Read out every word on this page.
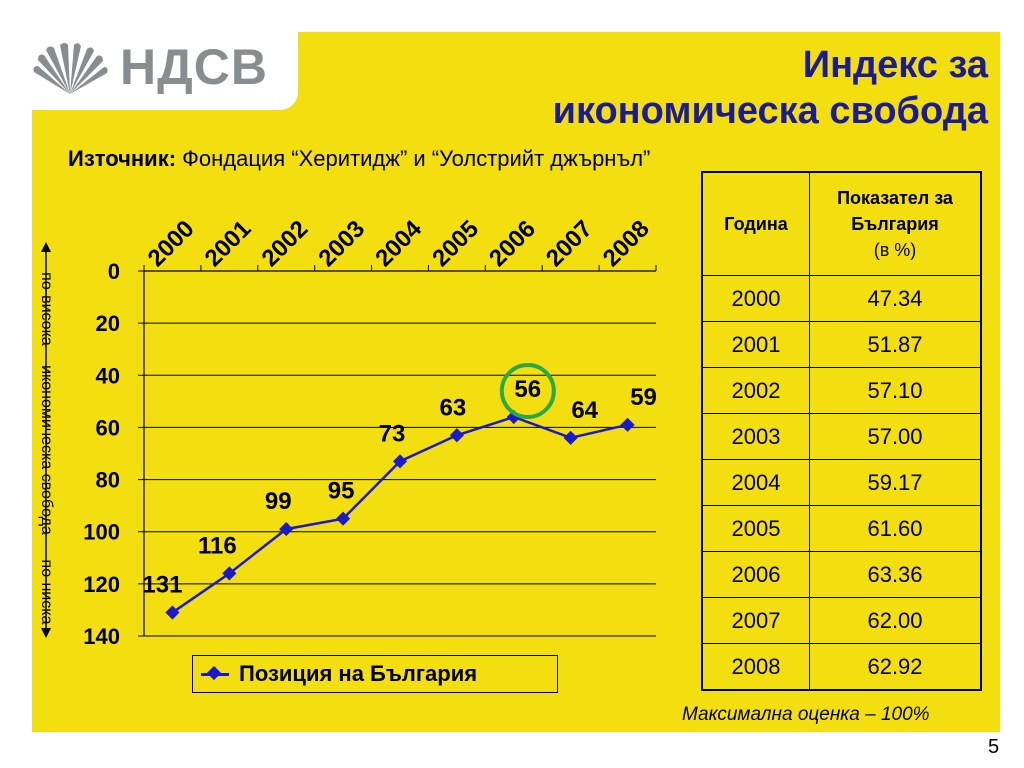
НДСВ	Индекс за
икономическа свобода
Източник: Фондация “Херитидж” и “Уолстрийт джърнъл”
0
20
40
60
80
100
120
140
2000 2001 2002 2003 2004 2005 2006 2007 2008
131
116
99 95
73
63
56
64 59
по-висока
икономическа свобода
по-ниска
Позиция на България
Година	Показател за
България
(в %)

2000	47.34
2001	51.87
2002	57.10
2003	57.00
2004	59.17
2005	61.60
2006	63.36
2007	62.00
2008	62.92
Максимална оценка – 100%
5
